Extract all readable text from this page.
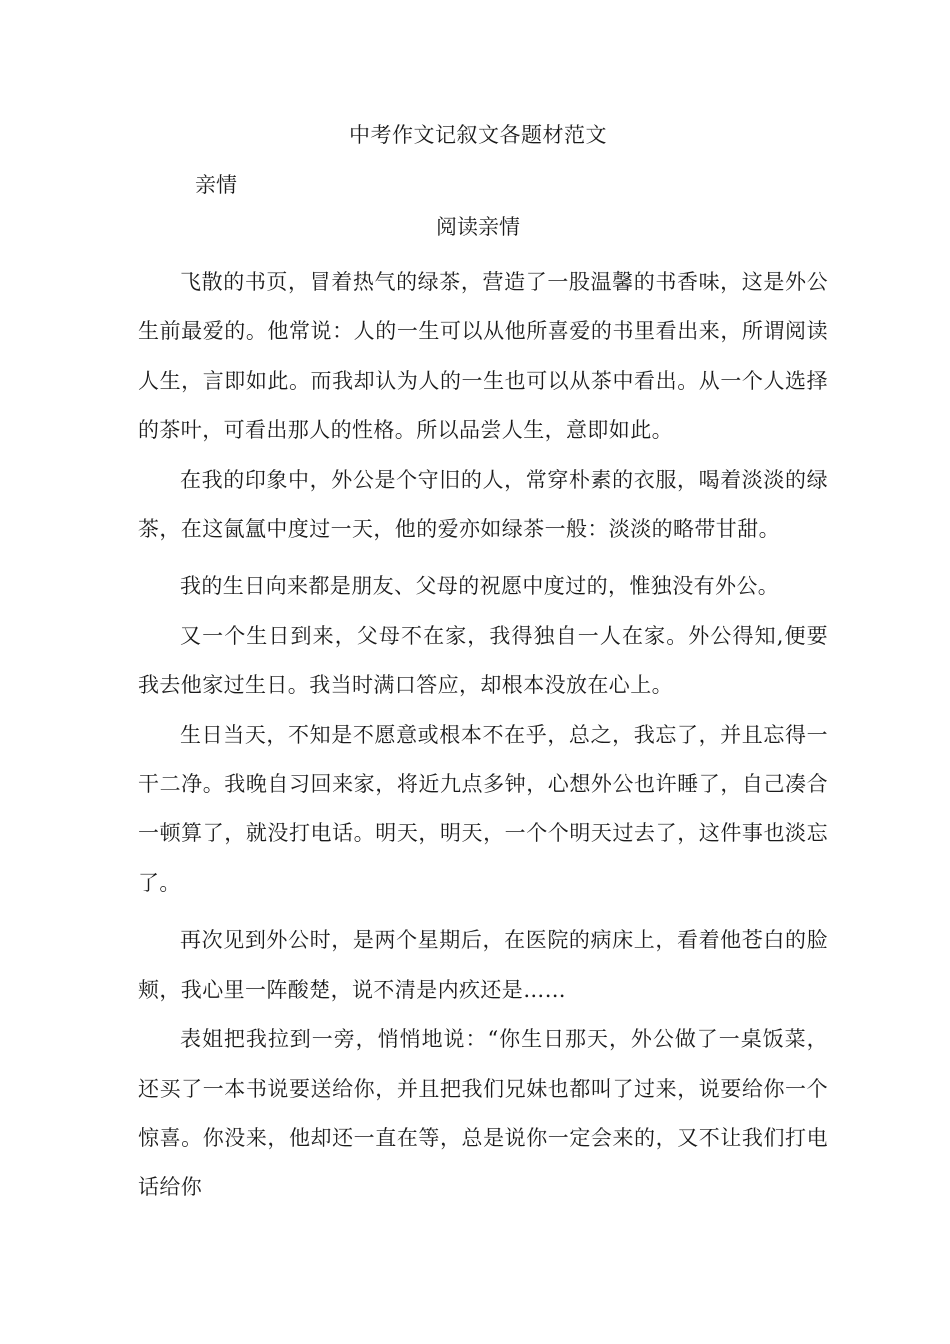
中考作文记叙文各题材范文
亲情
阅读亲情

飞散的书页，冒着热气的绿茶，营造了一股温馨的书香味，这是外公生前最爱的。他常说：人的一生可以从他所喜爱的书里看出来，所谓阅读人生，言即如此。而我却认为人的一生也可以从茶中看出。从一个人选择的茶叶，可看出那人的性格。所以品尝人生，意即如此。

在我的印象中，外公是个守旧的人，常穿朴素的衣服，喝着淡淡的绿茶，在这氤氲中度过一天，他的爱亦如绿茶一般：淡淡的略带甘甜。

我的生日向来都是朋友、父母的祝愿中度过的，惟独没有外公。

又一个生日到来，父母不在家，我得独自一人在家。外公得知,便要我去他家过生日。我当时满口答应，却根本没放在心上。

生日当天，不知是不愿意或根本不在乎，总之，我忘了，并且忘得一干二净。我晚自习回来家，将近九点多钟，心想外公也许睡了，自己凑合一顿算了，就没打电话。明天，明天，一个个明天过去了，这件事也淡忘了。

再次见到外公时，是两个星期后，在医院的病床上，看着他苍白的脸颊，我心里一阵酸楚，说不清是内疚还是……

表姐把我拉到一旁，悄悄地说：“你生日那天，外公做了一桌饭菜，还买了一本书说要送给你，并且把我们兄妹也都叫了过来，说要给你一个惊喜。你没来，他却还一直在等，总是说你一定会来的，又不让我们打电话给你
